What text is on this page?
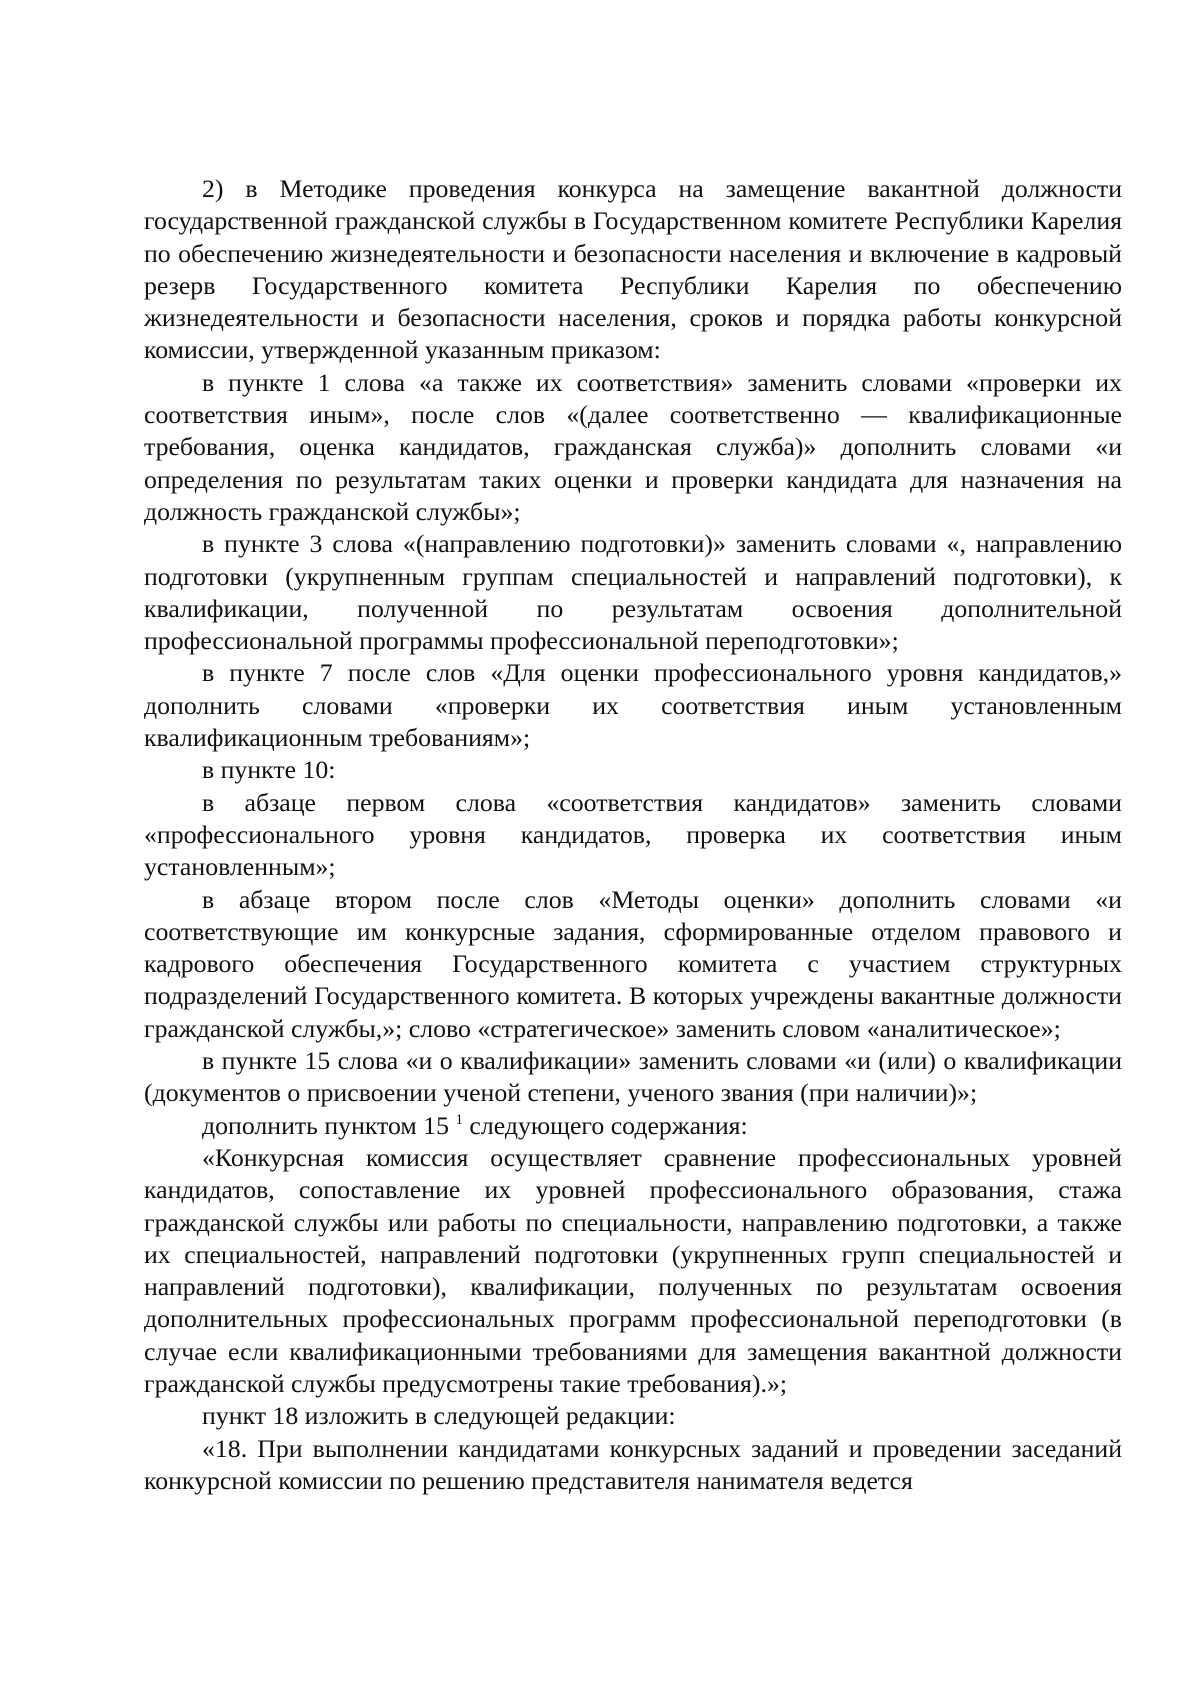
2) в Методике проведения конкурса на замещение вакантной должности государственной гражданской службы в Государственном комитете Республики Карелия по обеспечению жизнедеятельности и безопасности населения и включение в кадровый резерв Государственного комитета Республики Карелия по обеспечению жизнедеятельности и безопасности населения, сроков и порядка работы конкурсной комиссии, утвержденной указанным приказом:

в пункте 1 слова «а также их соответствия» заменить словами «проверки их соответствия иным», после слов «(далее соответственно — квалификационные требования, оценка кандидатов, гражданская служба)» дополнить словами «и определения по результатам таких оценки и проверки кандидата для назначения на должность гражданской службы»;

в пункте 3 слова «(направлению подготовки)» заменить словами «, направлению подготовки (укрупненным группам специальностей и направлений подготовки), к квалификации, полученной по результатам освоения дополнительной профессиональной программы профессиональной переподготовки»;

в пункте 7 после слов «Для оценки профессионального уровня кандидатов,» дополнить словами «проверки их соответствия иным установленным квалификационным требованиям»;

в пункте 10:

в абзаце первом слова «соответствия кандидатов» заменить словами «профессионального уровня кандидатов, проверка их соответствия иным установленным»;

в абзаце втором после слов «Методы оценки» дополнить словами «и соответствующие им конкурсные задания, сформированные отделом правового и кадрового обеспечения Государственного комитета с участием структурных подразделений Государственного комитета. В которых учреждены вакантные должности гражданской службы,»; слово «стратегическое» заменить словом «аналитическое»;

в пункте 15 слова «и о квалификации» заменить словами «и (или) о квалификации (документов о присвоении ученой степени, ученого звания (при наличии)»;

дополнить пунктом 15 $^1$ следующего содержания:

«Конкурсная комиссия осуществляет сравнение профессиональных уровней кандидатов, сопоставление их уровней профессионального образования, стажа гражданской службы или работы по специальности, направлению подготовки, а также их специальностей, направлений подготовки (укрупненных групп специальностей и направлений подготовки), квалификации, полученных по результатам освоения дополнительных профессиональных программ профессиональной переподготовки (в случае если квалификационными требованиями для замещения вакантной должности гражданской службы предусмотрены такие требования).»;

пункт 18 изложить в следующей редакции:

«18. При выполнении кандидатами конкурсных заданий и проведении заседаний конкурсной комиссии по решению представителя нанимателя ведется
